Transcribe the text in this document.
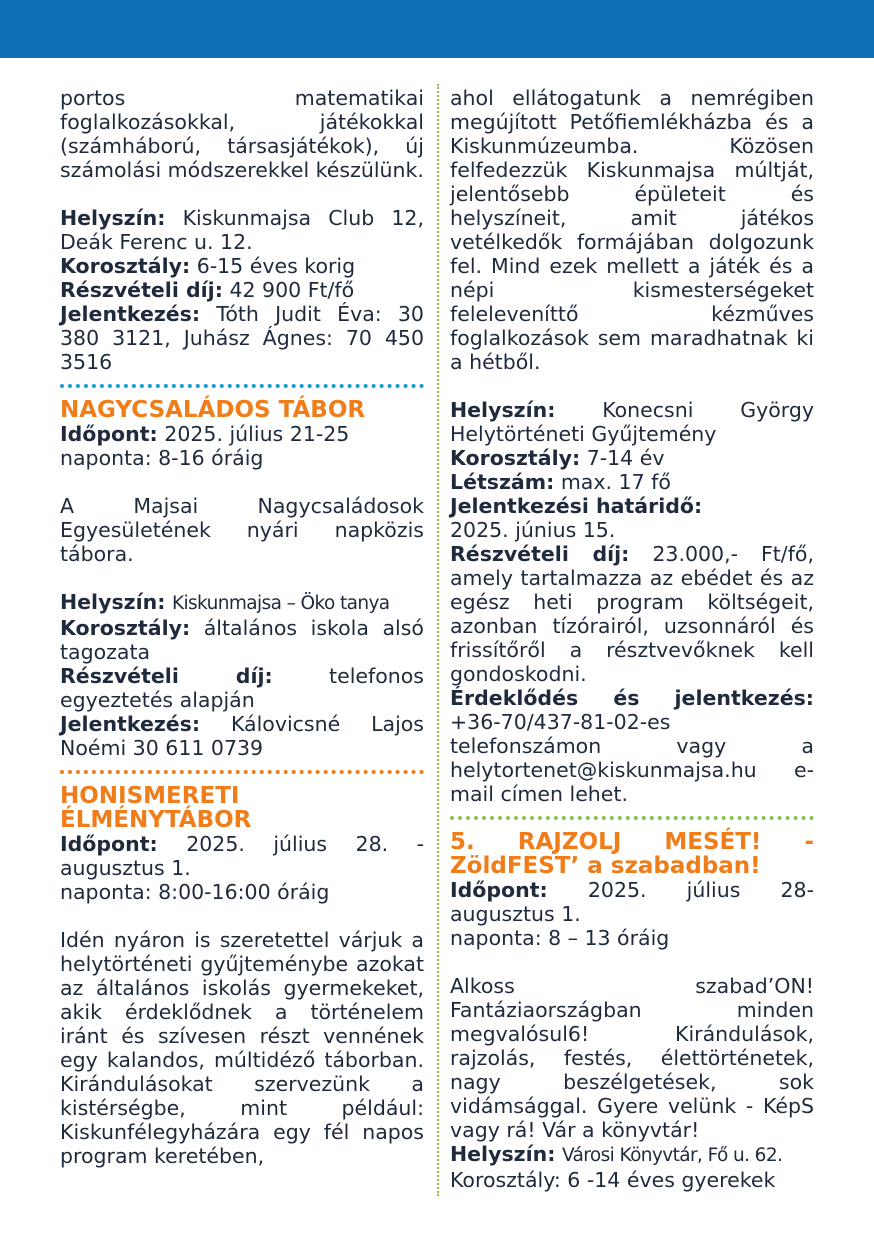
portos matematikai foglalkozásokkal, játékokkal (számháború, társasjátékok), új számolási módszerekkel készülünk.

Helyszín: Kiskunmajsa Club 12, Deák Ferenc u. 12.

Korosztály: 6-15 éves korig

Részvételi díj: 42 900 Ft/fő

Jelentkezés: Tóth Judit Éva: 30 380 3121, Juhász Ágnes: 70 450 3516

NAGYCSALÁDOS TÁBOR

Időpont: 2025. július 21-25

naponta: 8-16 óráig

A Majsai Nagycsaládosok Egyesületének nyári napközis tábora.

Helyszín: Kiskunmajsa – Öko tanya

Korosztály: általános iskola alsó tagozata

Részvételi díj:	telefonos egyeztetés alapján

Jelentkezés: Kálovicsné Lajos Noémi 30 611 0739

HONISMERETI

ÉLMÉNYTÁBOR

Időpont: 2025. július 28. - augusztus 1.

naponta: 8:00-16:00 óráig

Idén nyáron is szeretettel várjuk a helytörténeti gyűjteménybe azokat az általános iskolás gyermekeket, akik érdeklődnek a történelem iránt és szívesen részt vennének egy kalandos, múltidéző táborban. Kirándulásokat szervezünk a kistérségbe, mint például: Kiskunfélegyházára egy fél napos program keretében,

ahol ellátogatunk a nemrégiben megújított Petőfiemlékházba és a Kiskunmúzeumba. Közösen felfedezzük Kiskunmajsa múltját, jelentősebb épületeit és helyszíneit, amit játékos vetélkedők formájában dolgozunk fel. Mind ezek mellett a játék és a népi kismesterségeket feleleveníttő kézműves foglalkozások sem maradhatnak ki a hétből.

Helyszín: Konecsni György Helytörténeti Gyűjtemény

Korosztály: 7-14 év

Létszám: max. 17 fő

Jelentkezési határidő:

2025. június 15.

Részvételi díj: 23.000,- Ft/fő, amely tartalmazza az ebédet és az egész heti program költségeit, azonban tízórairól, uzsonnáról és frissítőről a résztvevőknek kell gondoskodni.

Érdeklődés és jelentkezés: +36-70/437-81-02-es telefonszámon vagy a helytortenet@kiskunmajsa.hu e-mail címen lehet.

5. RAJZOLJ MESÉT! - ZöldFEST’ a szabadban!

Időpont: 2025. július 28- augusztus 1.

naponta: 8 – 13 óráig

Alkoss szabad’ON! Fantáziaországban minden megvalósul6! Kirándulások, rajzolás, festés, élettörténetek, nagy beszélgetések, sok vidámsággal. Gyere velünk - KépS vagy rá! Vár a könyvtár!

Helyszín: Városi Könyvtár, Fő u. 62.

Korosztály: 6 -14 éves gyerekek
